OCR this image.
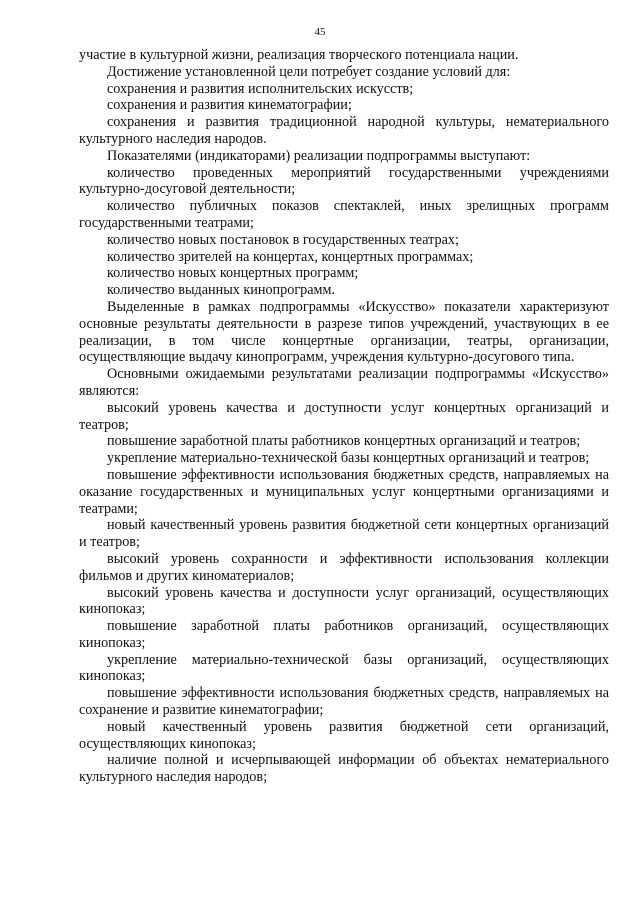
45

участие в культурной жизни, реализация творческого потенциала нации.

Достижение установленной цели потребует создание условий для:

сохранения и развития исполнительских искусств;

сохранения и развития кинематографии;

сохранения и развития традиционной народной культуры, нематериального культурного наследия народов.

Показателями (индикаторами) реализации подпрограммы выступают:

количество проведенных мероприятий государственными учреждениями культурно-досуговой деятельности;

количество публичных показов спектаклей, иных зрелищных программ государственными театрами;

количество новых постановок в государственных театрах;

количество зрителей на концертах, концертных программах;

количество новых концертных программ;

количество выданных кинопрограмм.

Выделенные в рамках подпрограммы «Искусство» показатели характеризуют основные результаты деятельности в разрезе типов учреждений, участвующих в ее реализации, в том числе концертные организации, театры, организации, осуществляющие выдачу кинопрограмм, учреждения культурно-досугового типа.

Основными ожидаемыми результатами реализации подпрограммы «Искусство» являются:

высокий уровень качества и доступности услуг концертных организаций и театров;

повышение заработной платы работников концертных организаций и театров;

укрепление материально-технической базы концертных организаций и театров;

повышение эффективности использования бюджетных средств, направляемых на оказание государственных и муниципальных услуг концертными организациями и театрами;

новый качественный уровень развития бюджетной сети концертных организаций и театров;

высокий уровень сохранности и эффективности использования коллекции фильмов и других киноматериалов;

высокий уровень качества и доступности услуг организаций, осуществляющих кинопоказ;

повышение заработной платы работников организаций, осуществляющих кинопоказ;

укрепление материально-технической базы организаций, осуществляющих кинопоказ;

повышение эффективности использования бюджетных средств, направляемых на сохранение и развитие кинематографии;

новый качественный уровень развития бюджетной сети организаций, осуществляющих кинопоказ;

наличие полной и исчерпывающей информации об объектах нематериального культурного наследия народов;
